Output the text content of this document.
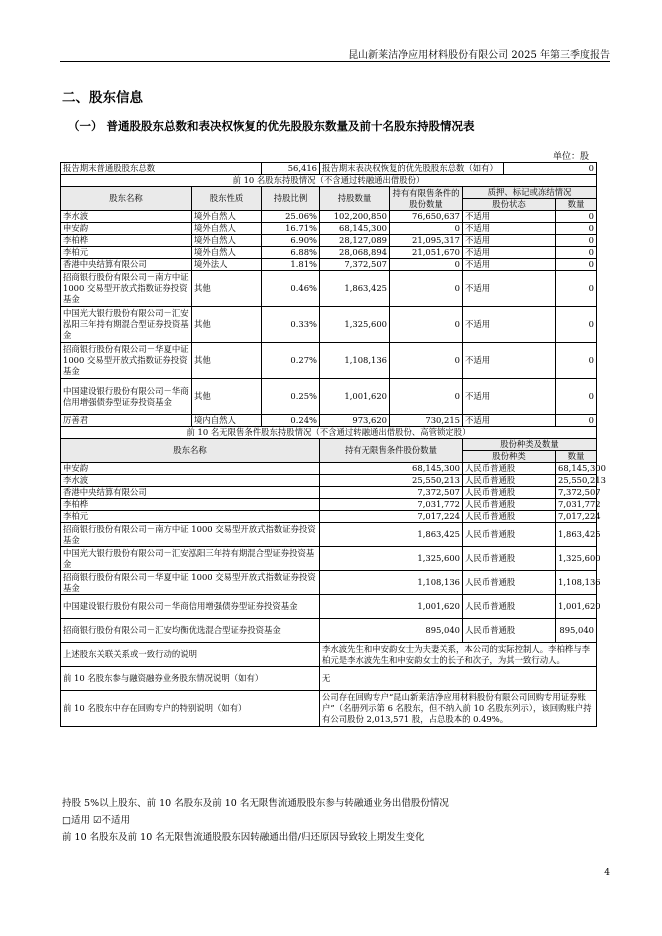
昆山新莱洁净应用材料股份有限公司 2025 年第三季度报告
二、股东信息
（一） 普通股股东总数和表决权恢复的优先股股东数量及前十名股东持股情况表
单位：股
报告期末普通股股东总数		56,416	报告期末表决权恢复的优先股股东总数（如有）			0	
前 10 名股东持股情况（不含通过转融通出借股份）							
股东名称	股东性质	持股比例	持股数量	持有有限售条件的股份数量	质押、标记或冻结情况		
					股份状态		数量
李水波	境外自然人	25.06%	102,200,850	76,650,637	不适用		0
申安韵	境外自然人	16.71%	68,145,300	0	不适用		0
李柏桦	境外自然人	6.90%	28,127,089	21,095,317	不适用		0
李柏元	境外自然人	6.88%	28,068,894	21,051,670	不适用		0
香港中央结算有限公司	境外法人	1.81%	7,372,507	0	不适用		0
招商银行股份有限公司－南方中证 1000 交易型开放式指数证券投资基金	其他	0.46%	1,863,425	0	不适用		0
中国光大银行股份有限公司－汇安泓阳三年持有期混合型证券投资基金	其他	0.33%	1,325,600	0	不适用		0
招商银行股份有限公司－华夏中证 1000 交易型开放式指数证券投资基金	其他	0.27%	1,108,136	0	不适用		0
中国建设银行股份有限公司－华商信用增强债券型证券投资基金	其他	0.25%	1,001,620	0	不适用		0
厉善君	境内自然人	0.24%	973,620	730,215	不适用		0
前 10 名无限售条件股东持股情况（不含通过转融通出借股份、高管锁定股）							
股东名称			持有无限售条件股份数量		股份种类及数量		
					股份种类		数量
申安韵			68,145,300		人民币普通股		68,145,300
李水波			25,550,213		人民币普通股		25,550,213
香港中央结算有限公司			7,372,507		人民币普通股		7,372,507
李柏桦			7,031,772		人民币普通股		7,031,772
李柏元			7,017,224		人民币普通股		7,017,224
招商银行股份有限公司－南方中证 1000 交易型开放式指数证券投资基金			1,863,425		人民币普通股		1,863,425
中国光大银行股份有限公司－汇安泓阳三年持有期混合型证券投资基金			1,325,600		人民币普通股		1,325,600
招商银行股份有限公司－华夏中证 1000 交易型开放式指数证券投资基金			1,108,136		人民币普通股		1,108,136
中国建设银行股份有限公司－华商信用增强债券型证券投资基金			1,001,620		人民币普通股		1,001,620
招商银行股份有限公司－汇安均衡优选混合型证券投资基金			895,040		人民币普通股		895,040
上述股东关联关系或一致行动的说明			李水波先生和申安韵女士为夫妻关系，本公司的实际控制人。李柏桦与李柏元是李水波先生和申安韵女士的长子和次子，为其一致行动人。				
前 10 名股东参与融资融券业务股东情况说明（如有）			无				
前 10 名股东中存在回购专户的特别说明（如有）			公司存在回购专户“昆山新莱洁净应用材料股份有限公司回购专用证券账户”（名册列示第 6 名股东，但不纳入前 10 名股东列示），该回购账户持有公司股份 2,013,571 股，占总股本的 0.49%。				
持股 5%以上股东、前 10 名股东及前 10 名无限售流通股股东参与转融通业务出借股份情况
□适用 ☑不适用
前 10 名股东及前 10 名无限售流通股股东因转融通出借/归还原因导致较上期发生变化
4
